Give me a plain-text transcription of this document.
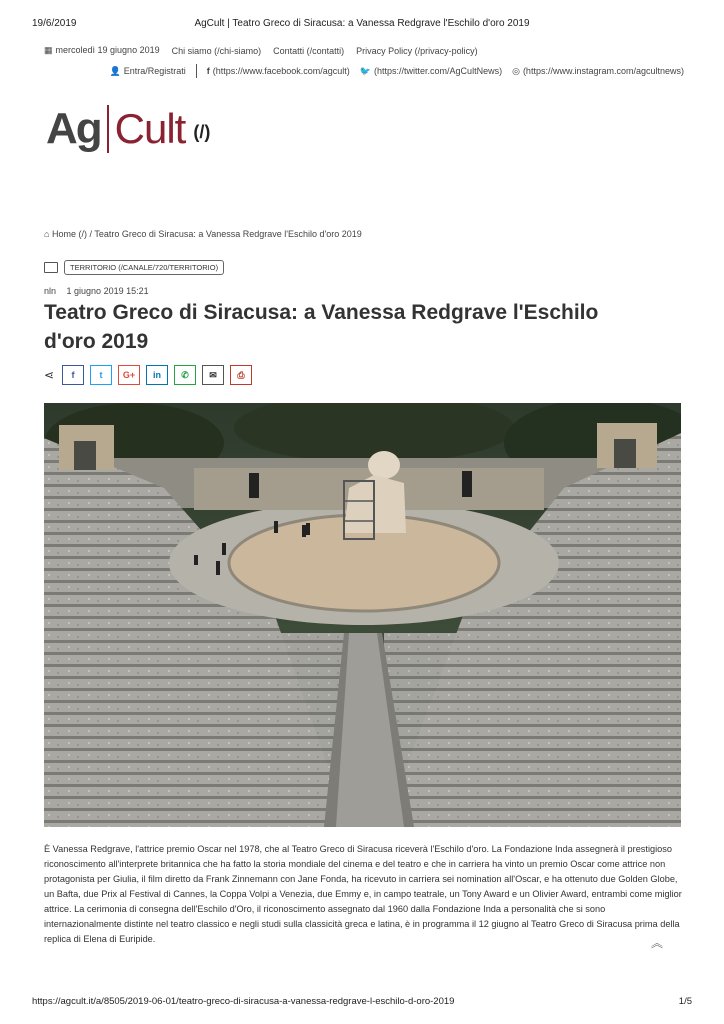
19/6/2019	AgCult | Teatro Greco di Siracusa: a Vanessa Redgrave l'Eschilo d'oro 2019
▦ mercoledì 19 giugno 2019 Chi siamo (/chi-siamo) Contatti (/contatti) Privacy Policy (/privacy-policy)
👤 Entra/Registrati f (https://www.facebook.com/agcult) 🐦 (https://twitter.com/AgCultNews) ◎ (https://www.instagram.com/agcultnews)
Ag Cult (/)
⌂ Home (/) / Teatro Greco di Siracusa: a Vanessa Redgrave l'Eschilo d'oro 2019
TERRITORIO (/CANALE/720/TERRITORIO)
nln 1 giugno 2019 15:21
Teatro Greco di Siracusa: a Vanessa Redgrave l'Eschilo d'oro 2019
⋖	f	t	G+	in	✆	✉	⎙

È Vanessa Redgrave, l'attrice premio Oscar nel 1978, che al Teatro Greco di Siracusa riceverà l'Eschilo d'oro. La Fondazione Inda assegnerà il prestigioso riconoscimento all'interprete britannica che ha fatto la storia mondiale del cinema e del teatro e che in carriera ha vinto un premio Oscar come attrice non protagonista per Giulia, il film diretto da Frank Zinnemann con Jane Fonda, ha ricevuto in carriera sei nomination all'Oscar, e ha ottenuto due Golden Globe, un Bafta, due Prix al Festival di Cannes, la Coppa Volpi a Venezia, due Emmy e, in campo teatrale, un Tony Award e un Olivier Award, entrambi come miglior attrice. La cerimonia di consegna dell'Eschilo d'Oro, il riconoscimento assegnato dal 1960 dalla Fondazione Inda a personalità che si sono internazionalmente distinte nel teatro classico e negli studi sulla classicità greca e latina, è in programma il 12 giugno al Teatro Greco di Siracusa prima della replica di Elena di Euripide.	︽
https://agcult.it/a/8505/2019-06-01/teatro-greco-di-siracusa-a-vanessa-redgrave-l-eschilo-d-oro-2019	1/5
